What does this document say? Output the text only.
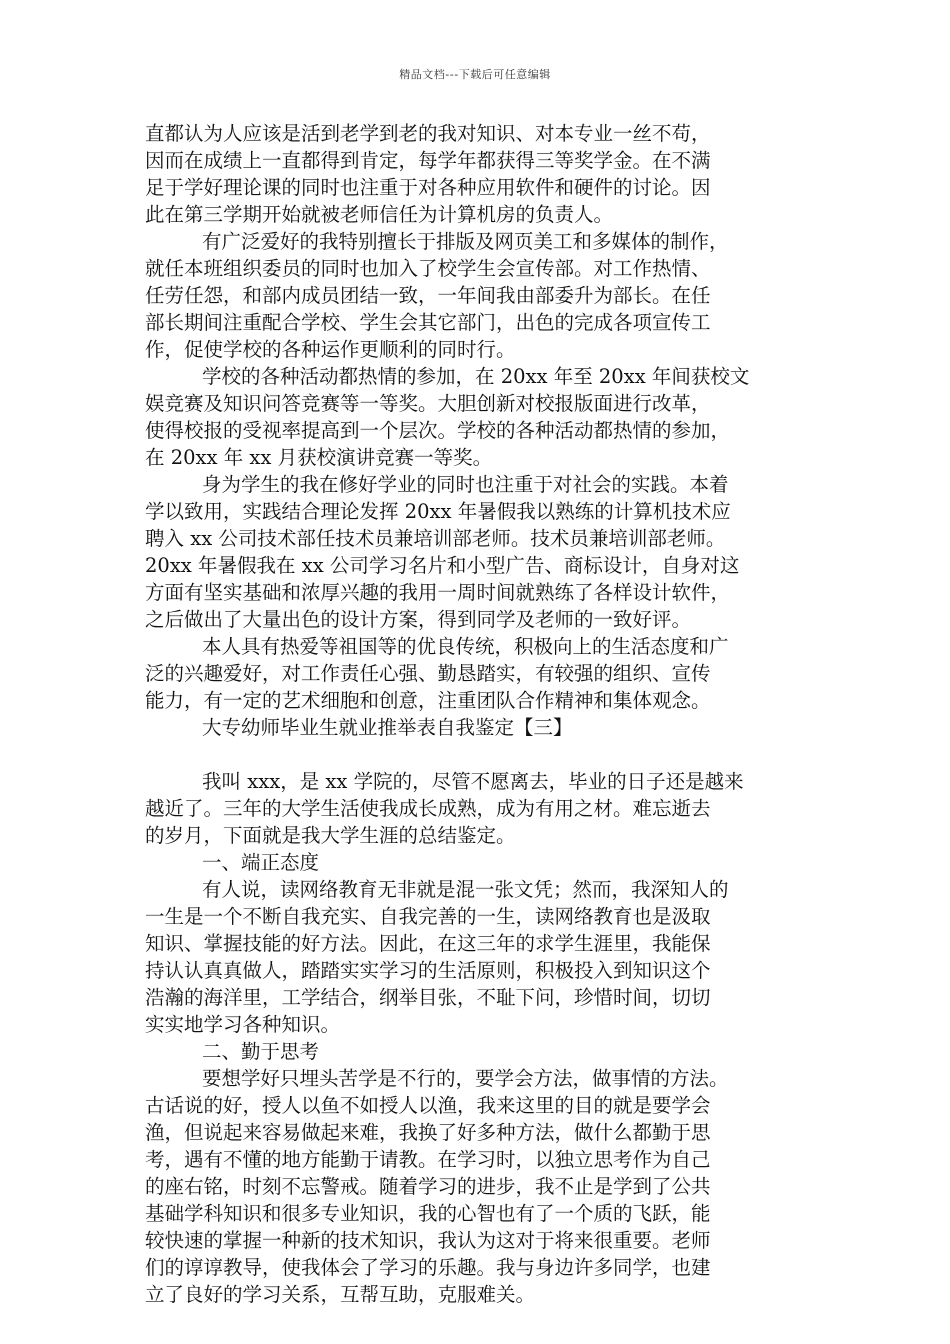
精品文档---下载后可任意编辑
直都认为人应该是活到老学到老的我对知识、对本专业一丝不苟，
因而在成绩上一直都得到肯定，每学年都获得三等奖学金。在不满
足于学好理论课的同时也注重于对各种应用软件和硬件的讨论。因
此在第三学期开始就被老师信任为计算机房的负责人。
有广泛爱好的我特别擅长于排版及网页美工和多媒体的制作，
就任本班组织委员的同时也加入了校学生会宣传部。对工作热情、
任劳任怨，和部内成员团结一致，一年间我由部委升为部长。在任
部长期间注重配合学校、学生会其它部门，出色的完成各项宣传工
作，促使学校的各种运作更顺利的同时行。
学校的各种活动都热情的参加，在 20xx 年至 20xx 年间获校文
娱竞赛及知识问答竞赛等一等奖。大胆创新对校报版面进行改革，
使得校报的受视率提高到一个层次。学校的各种活动都热情的参加，
在 20xx 年 xx 月获校演讲竞赛一等奖。
身为学生的我在修好学业的同时也注重于对社会的实践。本着
学以致用，实践结合理论发挥 20xx 年暑假我以熟练的计算机技术应
聘入 xx 公司技术部任技术员兼培训部老师。技术员兼培训部老师。
20xx 年暑假我在 xx 公司学习名片和小型广告、商标设计，自身对这
方面有坚实基础和浓厚兴趣的我用一周时间就熟练了各样设计软件，
之后做出了大量出色的设计方案，得到同学及老师的一致好评。
本人具有热爱等祖国等的优良传统，积极向上的生活态度和广
泛的兴趣爱好，对工作责任心强、勤恳踏实，有较强的组织、宣传
能力，有一定的艺术细胞和创意，注重团队合作精神和集体观念。
大专幼师毕业生就业推举表自我鉴定【三】
我叫 xxx，是 xx 学院的，尽管不愿离去，毕业的日子还是越来
越近了。三年的大学生活使我成长成熟，成为有用之材。难忘逝去
的岁月，下面就是我大学生涯的总结鉴定。
一、端正态度
有人说，读网络教育无非就是混一张文凭；然而，我深知人的
一生是一个不断自我充实、自我完善的一生，读网络教育也是汲取
知识、掌握技能的好方法。因此，在这三年的求学生涯里，我能保
持认认真真做人，踏踏实实学习的生活原则，积极投入到知识这个
浩瀚的海洋里，工学结合，纲举目张，不耻下问，珍惜时间，切切
实实地学习各种知识。
二、勤于思考
要想学好只埋头苦学是不行的，要学会方法，做事情的方法。
古话说的好，授人以鱼不如授人以渔，我来这里的目的就是要学会
渔，但说起来容易做起来难，我换了好多种方法，做什么都勤于思
考，遇有不懂的地方能勤于请教。在学习时，以独立思考作为自己
的座右铭，时刻不忘警戒。随着学习的进步，我不止是学到了公共
基础学科知识和很多专业知识，我的心智也有了一个质的飞跃，能
较快速的掌握一种新的技术知识，我认为这对于将来很重要。老师
们的谆谆教导，使我体会了学习的乐趣。我与身边许多同学，也建
立了良好的学习关系，互帮互助，克服难关。
